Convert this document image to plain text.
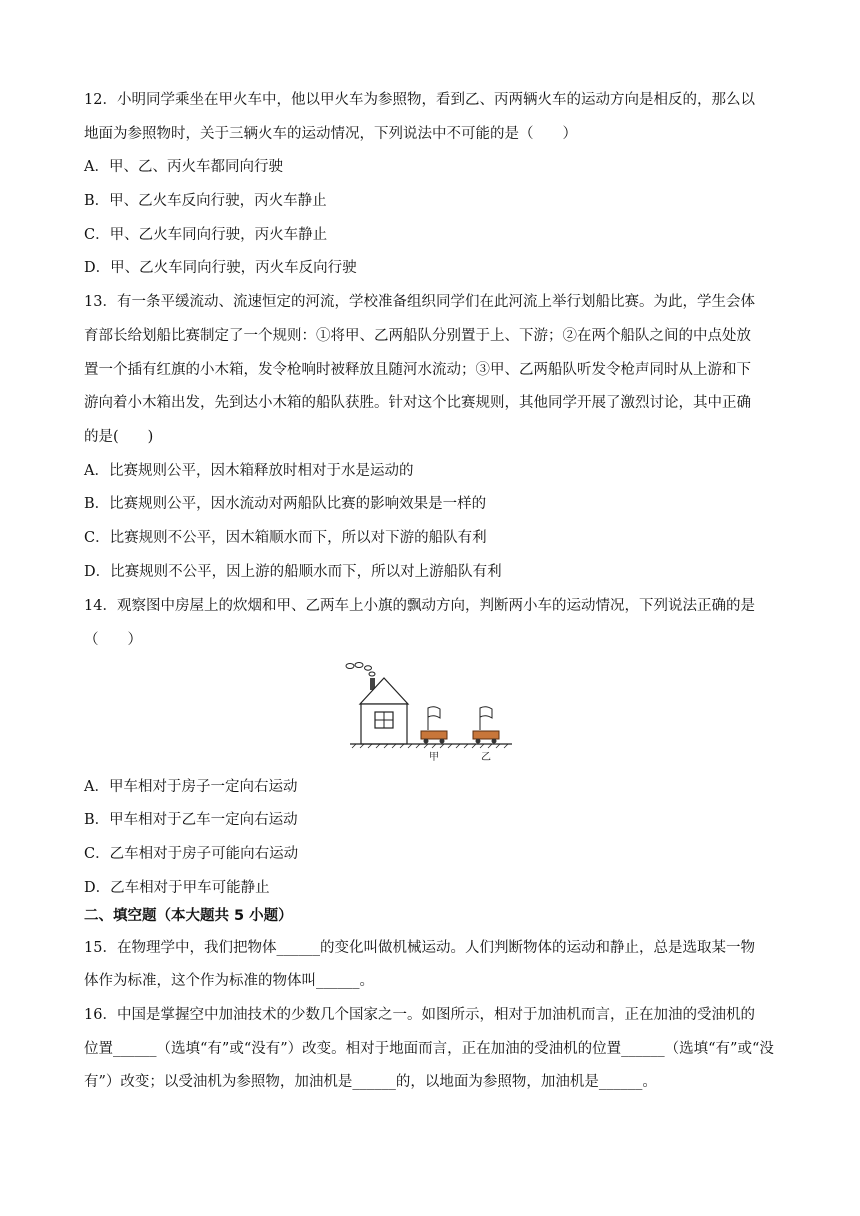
12．小明同学乘坐在甲火车中，他以甲火车为参照物，看到乙、丙两辆火车的运动方向是相反的，那么以
地面为参照物时，关于三辆火车的运动情况，下列说法中不可能的是（　　）
A．甲、乙、丙火车都同向行驶
B．甲、乙火车反向行驶，丙火车静止
C．甲、乙火车同向行驶，丙火车静止
D．甲、乙火车同向行驶，丙火车反向行驶
13．有一条平缓流动、流速恒定的河流，学校准备组织同学们在此河流上举行划船比赛。为此，学生会体
育部长给划船比赛制定了一个规则：①将甲、乙两船队分别置于上、下游；②在两个船队之间的中点处放
置一个插有红旗的小木箱，发令枪响时被释放且随河水流动；③甲、乙两船队听发令枪声同时从上游和下
游向着小木箱出发，先到达小木箱的船队获胜。针对这个比赛规则，其他同学开展了激烈讨论，其中正确
的是(　　)
A．比赛规则公平，因木箱释放时相对于水是运动的
B．比赛规则公平，因水流动对两船队比赛的影响效果是一样的
C．比赛规则不公平，因木箱顺水而下，所以对下游的船队有利
D．比赛规则不公平，因上游的船顺水而下，所以对上游船队有利
14．观察图中房屋上的炊烟和甲、乙两车上小旗的飘动方向，判断两小车的运动情况，下列说法正确的是
（　　）
甲	乙
A．甲车相对于房子一定向右运动
B．甲车相对于乙车一定向右运动
C．乙车相对于房子可能向右运动
D．乙车相对于甲车可能静止
二、填空题（本大题共 5 小题）
15．在物理学中，我们把物体______的变化叫做机械运动。人们判断物体的运动和静止，总是选取某一物
体作为标准，这个作为标准的物体叫______。
16．中国是掌握空中加油技术的少数几个国家之一。如图所示，相对于加油机而言，正在加油的受油机的
位置______（选填“有”或“没有”）改变。相对于地面而言，正在加油的受油机的位置______（选填“有”或“没
有”）改变；以受油机为参照物，加油机是______的，以地面为参照物，加油机是______。
